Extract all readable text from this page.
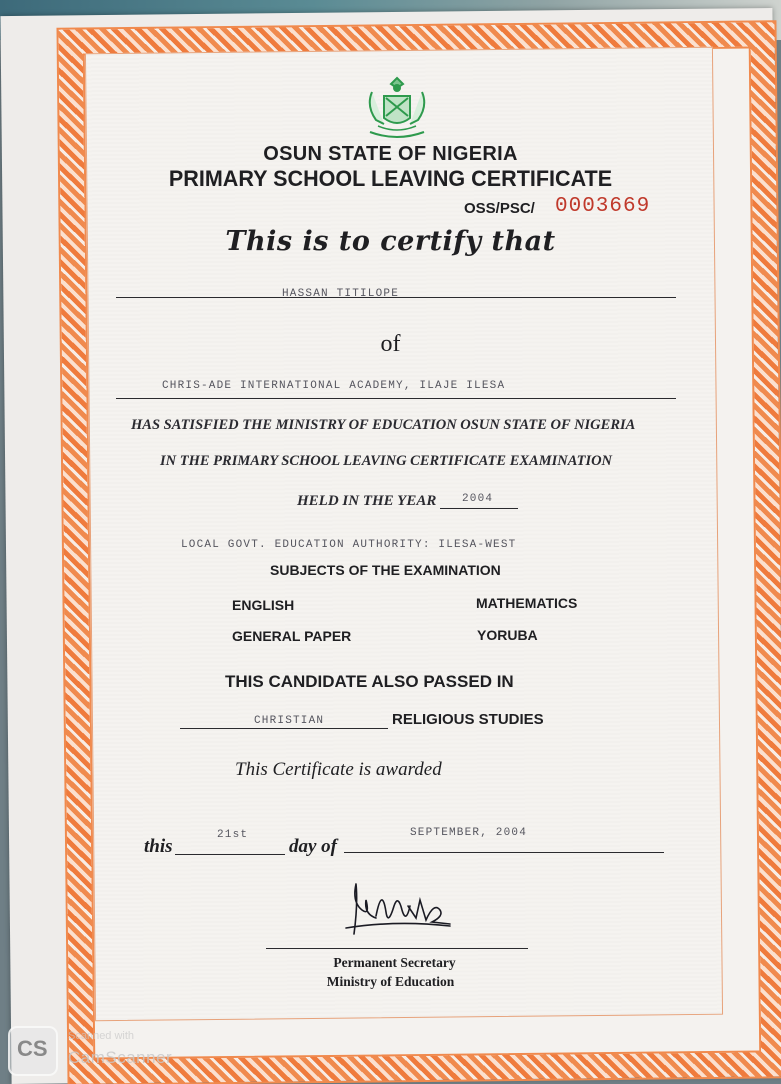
OSUN STATE OF NIGERIA
PRIMARY SCHOOL LEAVING CERTIFICATE
OSS/PSC/ 0003669
This is to certify that
HASSAN TITILOPE
of
CHRIS-ADE INTERNATIONAL ACADEMY, ILAJE ILESA
HAS SATISFIED THE MINISTRY OF EDUCATION OSUN STATE OF NIGERIA
IN THE PRIMARY SCHOOL LEAVING CERTIFICATE EXAMINATION
HELD IN THE YEAR 2004
LOCAL GOVT. EDUCATION AUTHORITY: ILESA-WEST
SUBJECTS OF THE EXAMINATION
ENGLISH	MATHEMATICS
GENERAL PAPER	YORUBA
THIS CANDIDATE ALSO PASSED IN
CHRISTIAN	RELIGIOUS STUDIES
This Certificate is awarded
this
21st
day of
SEPTEMBER, 2004
Permanent Secretary
Ministry of Education
CS Scanned with
CamScanner
